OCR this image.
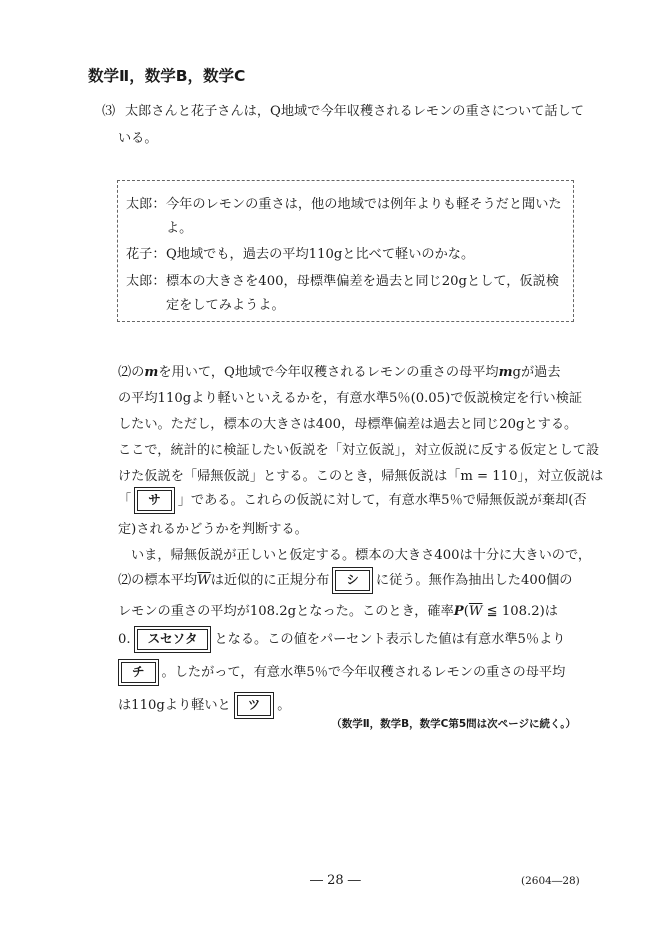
数学Ⅱ，数学B，数学C
⑶ 太郎さんと花子さんは，Q地域で今年収穫されるレモンの重さについて話して
いる。
太郎： 今年のレモンの重さは，他の地域では例年よりも軽そうだと聞いた
よ。
花子： Q地域でも，過去の平均110gと比べて軽いのかな。
太郎： 標本の大きさを400，母標準偏差を過去と同じ20gとして，仮説検
定をしてみようよ。
⑵のmを用いて，Q地域で今年収穫されるレモンの重さの母平均mgが過去
の平均110gより軽いといえるかを，有意水準5％(0.05)で仮説検定を行い検証
したい。ただし，標本の大きさは400，母標準偏差は過去と同じ20gとする。
ここで，統計的に検証したい仮説を「対立仮説」，対立仮説に反する仮定として設
けた仮説を「帰無仮説」とする。このとき，帰無仮説は「m = 110」，対立仮説は
「 サ 」である。これらの仮説に対して，有意水準5％で帰無仮説が棄却(否
定)されるかどうかを判断する。
いま，帰無仮説が正しいと仮定する。標本の大きさ400は十分に大きいので，
⑵の標本平均$\overline{W}$は近似的に正規分布 シ に従う。無作為抽出した400個の
レモンの重さの平均が108.2gとなった。このとき，確率$P(\overline{W}$ ≦ 108.2)は
0. スセソタ となる。この値をパーセント表示した値は有意水準5％より
チ 。したがって，有意水準5％で今年収穫されるレモンの重さの母平均
は110gより軽いと ツ 。
（数学Ⅱ，数学B，数学C第5問は次ページに続く。）
― 28 ―	(2604―28)
